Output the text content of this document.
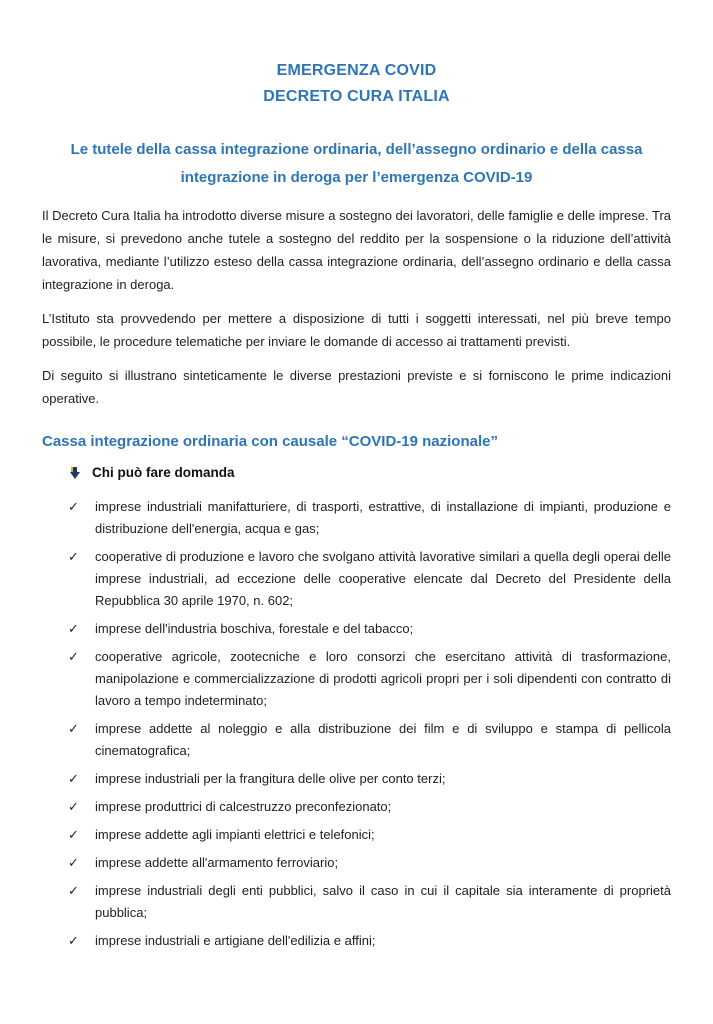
EMERGENZA COVID
DECRETO CURA ITALIA
Le tutele della cassa integrazione ordinaria, dell’assegno ordinario e della cassa integrazione in deroga per l’emergenza COVID-19

Il Decreto Cura Italia ha introdotto diverse misure a sostegno dei lavoratori, delle famiglie e delle imprese. Tra le misure, si prevedono anche tutele a sostegno del reddito per la sospensione o la riduzione dell’attività lavorativa, mediante l’utilizzo esteso della cassa integrazione ordinaria, dell’assegno ordinario e della cassa integrazione in deroga.

L’Istituto sta provvedendo per mettere a disposizione di tutti i soggetti interessati, nel più breve tempo possibile, le procedure telematiche per inviare le domande di accesso ai trattamenti previsti.

Di seguito si illustrano sinteticamente le diverse prestazioni previste e si forniscono le prime indicazioni operative.

Cassa integrazione ordinaria con causale “COVID-19 nazionale”
Chi può fare domanda
✓	imprese industriali manifatturiere, di trasporti, estrattive, di installazione di impianti, produzione e distribuzione dell'energia, acqua e gas;
✓	cooperative di produzione e lavoro che svolgano attività lavorative similari a quella degli operai delle imprese industriali, ad eccezione delle cooperative elencate dal Decreto del Presidente della Repubblica 30 aprile 1970, n. 602;
✓	imprese dell'industria boschiva, forestale e del tabacco;
✓	cooperative agricole, zootecniche e loro consorzi che esercitano attività di trasformazione, manipolazione e commercializzazione di prodotti agricoli propri per i soli dipendenti con contratto di lavoro a tempo indeterminato;
✓	imprese addette al noleggio e alla distribuzione dei film e di sviluppo e stampa di pellicola cinematografica;
✓	imprese industriali per la frangitura delle olive per conto terzi;
✓	imprese produttrici di calcestruzzo preconfezionato;
✓	imprese addette agli impianti elettrici e telefonici;
✓	imprese addette all'armamento ferroviario;
✓	imprese industriali degli enti pubblici, salvo il caso in cui il capitale sia interamente di proprietà pubblica;
✓	imprese industriali e artigiane dell'edilizia e affini;
